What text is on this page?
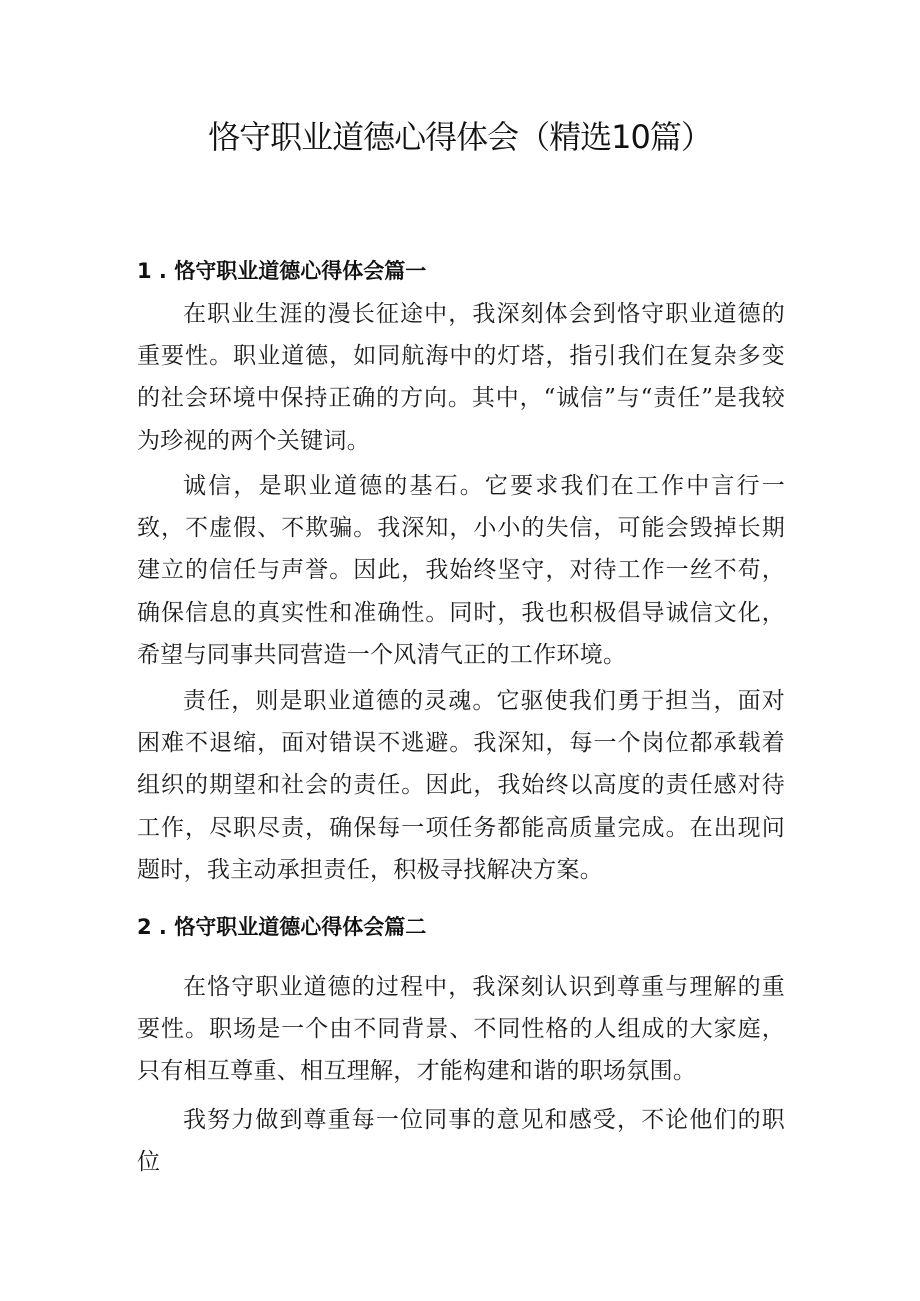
恪守职业道德心得体会（精选10篇）
1 . 恪守职业道德心得体会篇一

在职业生涯的漫长征途中，我深刻体会到恪守职业道德的重要性。职业道德，如同航海中的灯塔，指引我们在复杂多变的社会环境中保持正确的方向。其中，“诚信”与“责任”是我较为珍视的两个关键词。

诚信，是职业道德的基石。它要求我们在工作中言行一致，不虚假、不欺骗。我深知，小小的失信，可能会毁掉长期建立的信任与声誉。因此，我始终坚守，对待工作一丝不苟，确保信息的真实性和准确性。同时，我也积极倡导诚信文化，希望与同事共同营造一个风清气正的工作环境。

责任，则是职业道德的灵魂。它驱使我们勇于担当，面对困难不退缩，面对错误不逃避。我深知，每一个岗位都承载着组织的期望和社会的责任。因此，我始终以高度的责任感对待工作，尽职尽责，确保每一项任务都能高质量完成。在出现问题时，我主动承担责任，积极寻找解决方案。

2 . 恪守职业道德心得体会篇二

在恪守职业道德的过程中，我深刻认识到尊重与理解的重要性。职场是一个由不同背景、不同性格的人组成的大家庭，只有相互尊重、相互理解，才能构建和谐的职场氛围。

我努力做到尊重每一位同事的意见和感受，不论他们的职位
